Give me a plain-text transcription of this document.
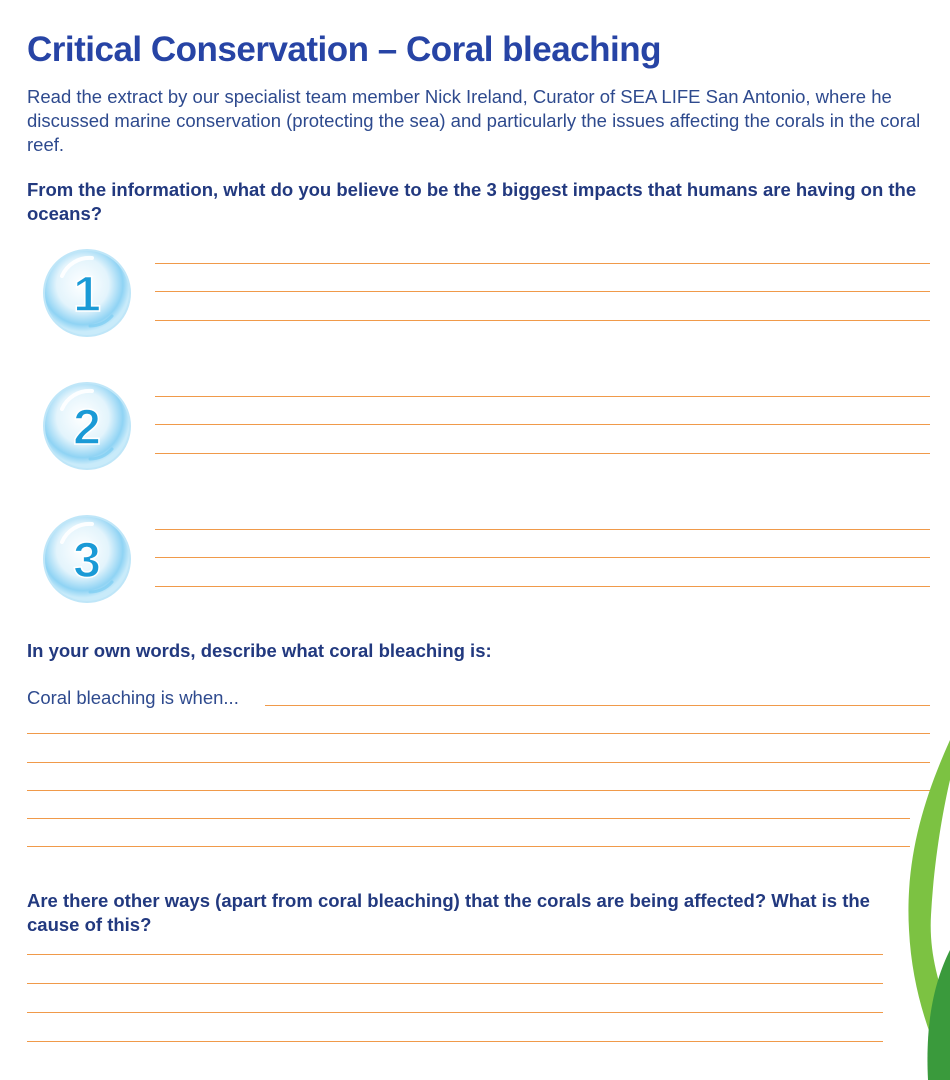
Critical Conservation – Coral bleaching

Read the extract by our specialist team member Nick Ireland, Curator of SEA LIFE San Antonio, where he discussed marine conservation (protecting the sea) and particularly the issues affecting the corals in the coral reef.

From the information, what do you believe to be the 3 biggest impacts that humans are having on the oceans?

1
2
3

In your own words, describe what coral bleaching is:

Coral bleaching is when...

Are there other ways (apart from coral bleaching) that the corals are being affected? What is the cause of this?
